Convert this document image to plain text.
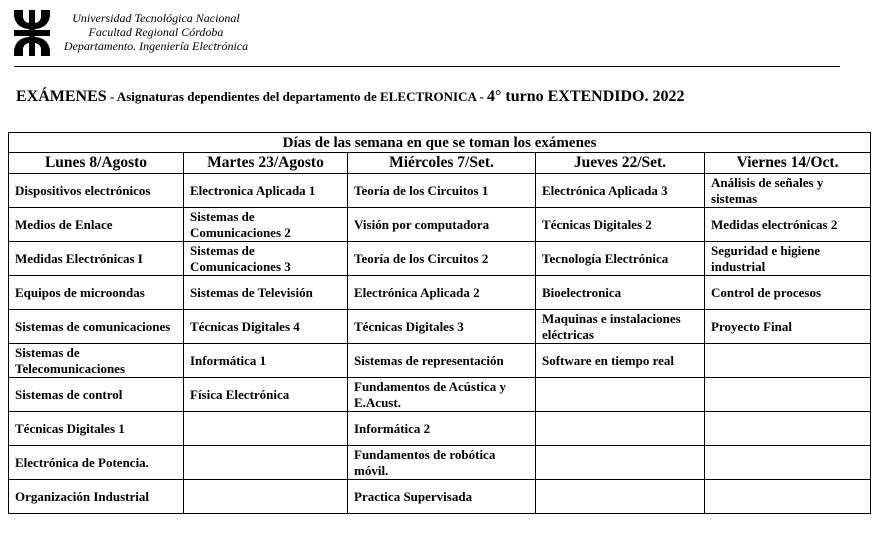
Universidad Tecnológica Nacional
Facultad Regional Córdoba
Departamento. Ingeniería Electrónica
EXÁMENES - Asignaturas dependientes del departamento de ELECTRONICA - 4° turno EXTENDIDO. 2022
Días de las semana en que se toman los exámenes				
Lunes 8/Agosto	Martes 23/Agosto	Miércoles 7/Set.	Jueves 22/Set.	Viernes 14/Oct.
Dispositivos electrónicos	Electronica Aplicada 1	Teoría de los Circuitos 1	Electrónica Aplicada 3	Análisis de señales y sistemas
Medios de Enlace	Sistemas de Comunicaciones 2	Visión por computadora	Técnicas Digitales 2	Medidas electrónicas 2
Medidas Electrónicas I	Sistemas de Comunicaciones 3	Teoría de los Circuitos 2	Tecnología Electrónica	Seguridad e higiene industrial
Equipos de microondas	Sistemas de Televisión	Electrónica Aplicada 2	Bioelectronica	Control de procesos
Sistemas de comunicaciones	Técnicas Digitales 4	Técnicas Digitales 3	Maquinas e instalaciones eléctricas	Proyecto Final
Sistemas de Telecomunicaciones	Informática 1	Sistemas de representación	Software en tiempo real	
Sistemas de control	Física Electrónica	Fundamentos de Acústica y E.Acust.		
Técnicas Digitales 1		Informática 2		
Electrónica de Potencia.		Fundamentos de robótica móvil.		
Organización Industrial		Practica Supervisada		
